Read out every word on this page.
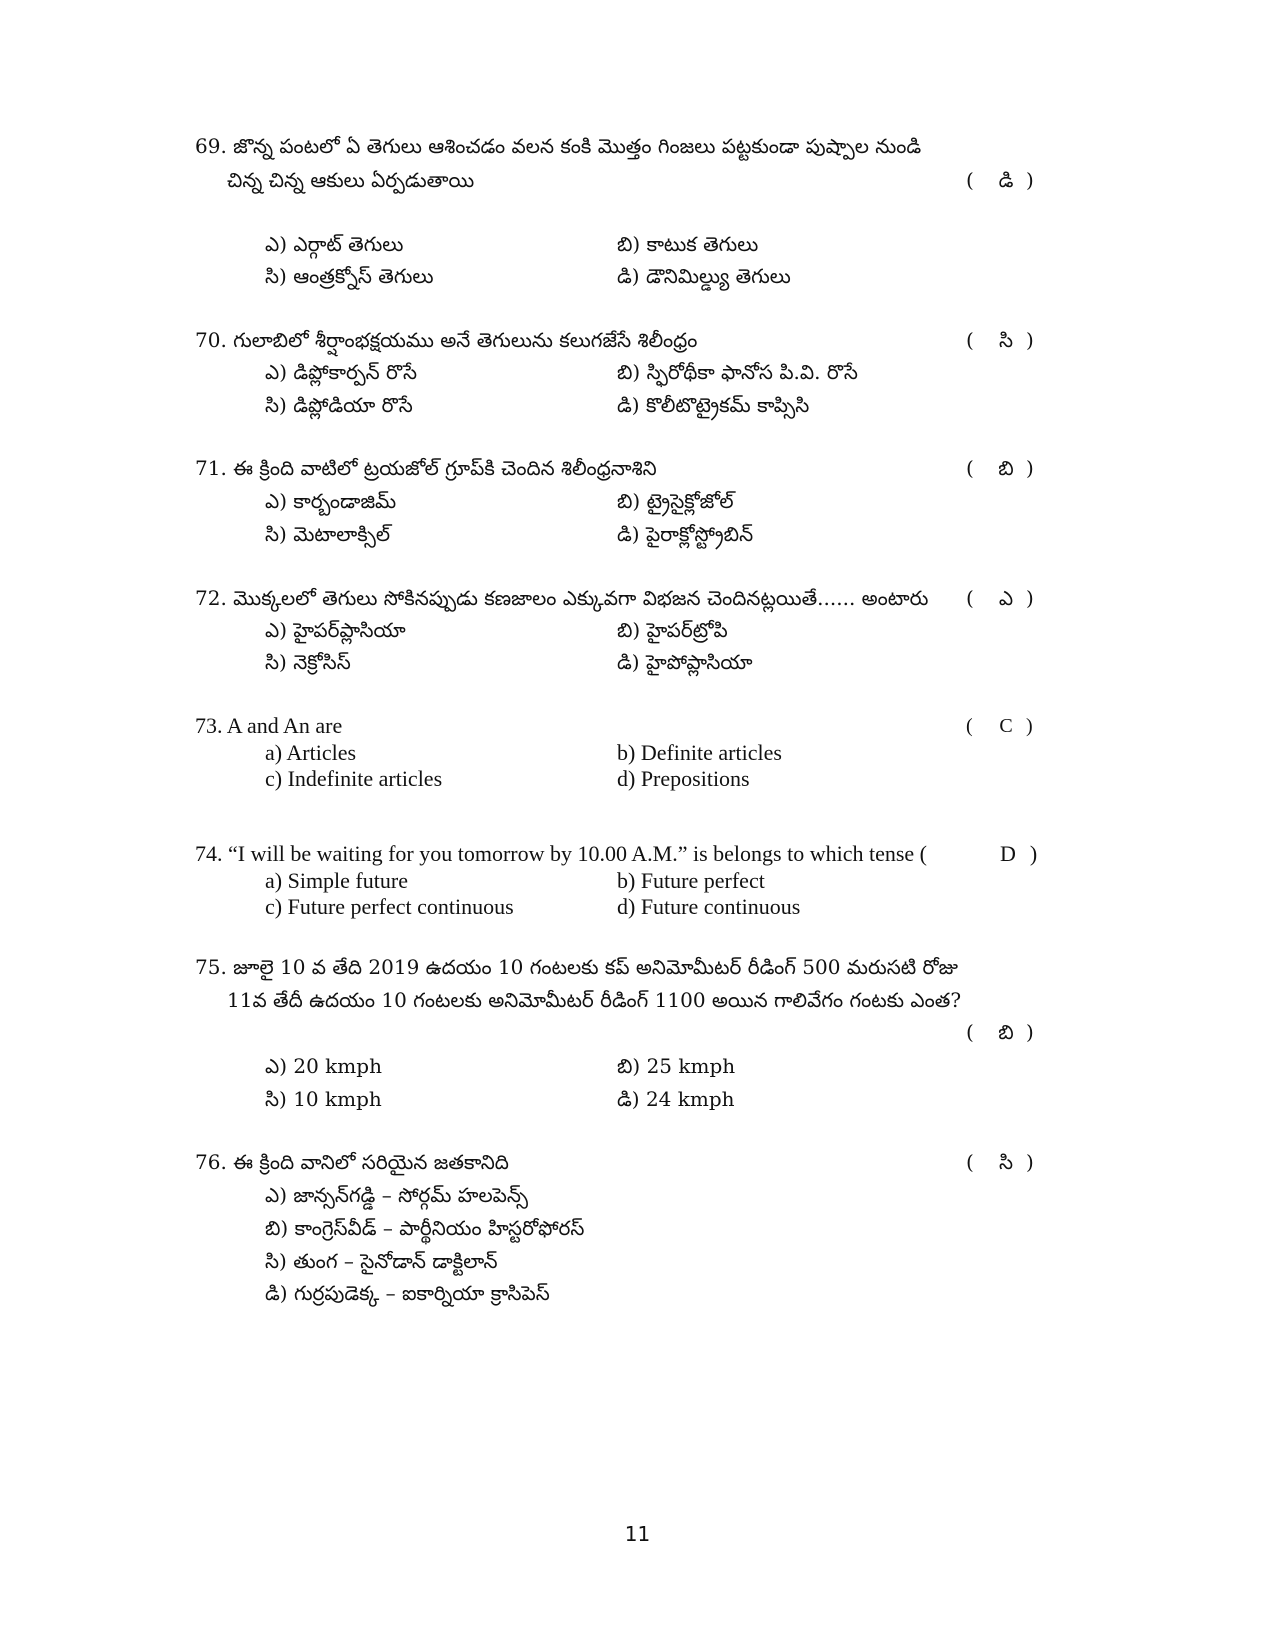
69. జొన్న పంటలో ఏ తెగులు ఆశించడం వలన కంకి మొత్తం గింజలు పట్టకుండా పుష్పాల నుండి
చిన్న చిన్న ఆకులు ఏర్పడుతాయి	( డి )
ఎ) ఎర్గాట్ తెగులు	బి) కాటుక తెగులు
సి) ఆంత్రక్నోస్ తెగులు	డి) డౌనిమిల్డ్యు తెగులు
70. గులాబిలో శీర్షాంభక్షయము అనే తెగులును కలుగజేసే శిలీంధ్రం	( సి )
ఎ) డిప్లోకార్పన్ రొసే	బి) స్ఫిరోథీకా ఫానోస పి.వి. రొసే
సి) డిప్లోడియా రొసే	డి) కొలీటొట్రైకమ్ కాప్సిసి
71. ఈ క్రింది వాటిలో ట్రయజోల్ గ్రూప్‌కి చెందిన శిలీంధ్రనాశిని	( బి )
ఎ) కార్బండాజిమ్	బి) ట్రైసైక్లోజోల్
సి) మెటాలాక్సిల్	డి) పైరాక్లోస్ట్రోబిన్
72. మొక్కలలో తెగులు సోకినప్పుడు కణజాలం ఎక్కువగా విభజన చెందినట్లయితే...... అంటారు ( ఎ )
ఎ) హైపర్‌ప్లాసియా	బి) హైపర్‌ట్రోపి
సి) నెక్రోసిస్	డి) హైపోప్లాసియా
73. A and An are	( C )
a) Articles	b) Definite articles
c) Indefinite articles	d) Prepositions
74. “I will be waiting for you tomorrow by 10.00 A.M.” is belongs to which tense (	D )
a) Simple future	b) Future perfect
c) Future perfect continuous	d) Future continuous
75. జూలై 10 వ తేది 2019 ఉదయం 10 గంటలకు కప్ అనిమోమీటర్ రీడింగ్ 500 మరుసటి రోజు
11వ తేదీ ఉదయం 10 గంటలకు అనిమోమీటర్ రీడింగ్ 1100 అయిన గాలివేగం గంటకు ఎంత?
( బి )
ఎ) 20 kmph	బి) 25 kmph
సి) 10 kmph	డి) 24 kmph
76. ఈ క్రింది వానిలో సరియైన జతకానిది	( సి )
ఎ) జాన్సన్‌గడ్డి – సోర్గమ్ హలపెన్స్
బి) కాంగ్రెస్‌వీడ్ – పార్థీనియం హిస్టరోఫోరస్
సి) తుంగ – సైనోడాన్ డాక్టిలాన్
డి) గుర్రపుడెక్క – ఐకార్నియా క్రాసిపెస్
11
